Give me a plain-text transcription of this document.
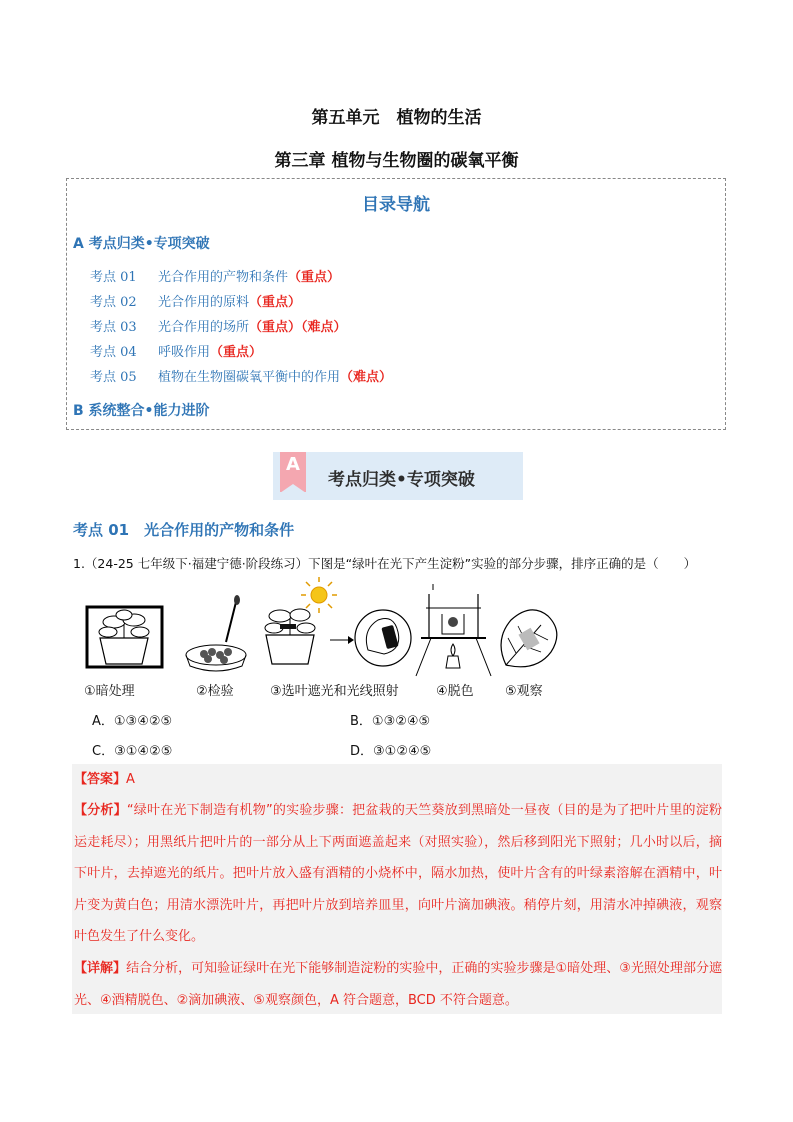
第五单元　植物的生活
第三章 植物与生物圈的碳氧平衡
目录导航
A 考点归类•专项突破
考点 01 光合作用的产物和条件（重点）
考点 02 光合作用的原料（重点）
考点 03 光合作用的场所（重点）（难点）
考点 04 呼吸作用（重点）
考点 05 植物在生物圈碳氧平衡中的作用（难点）
B 系统整合•能力进阶
A
考点归类•专项突破
考点 01　光合作用的产物和条件
1.（24-25 七年级下·福建宁德·阶段练习）下图是“绿叶在光下产生淀粉”实验的部分步骤，排序正确的是（　　）
①暗处理	②检验	③选叶遮光和光线照射	④脱色 ⑤观察
A．①③④②⑤	B．①③②④⑤
C．③①④②⑤	D．③①②④⑤
【答案】A
【分析】“绿叶在光下制造有机物”的实验步骤：把盆栽的天竺葵放到黑暗处一昼夜（目的是为了把叶片里的淀粉运走耗尽）；用黑纸片把叶片的一部分从上下两面遮盖起来（对照实验），然后移到阳光下照射；几小时以后，摘下叶片，去掉遮光的纸片。把叶片放入盛有酒精的小烧杯中，隔水加热，使叶片含有的叶绿素溶解在酒精中，叶片变为黄白色；用清水漂洗叶片，再把叶片放到培养皿里，向叶片滴加碘液。稍停片刻，用清水冲掉碘液，观察叶色发生了什么变化。
【详解】结合分析，可知验证绿叶在光下能够制造淀粉的实验中，正确的实验步骤是①暗处理、③光照处理部分遮光、④酒精脱色、②滴加碘液、⑤观察颜色，A 符合题意，BCD 不符合题意。
